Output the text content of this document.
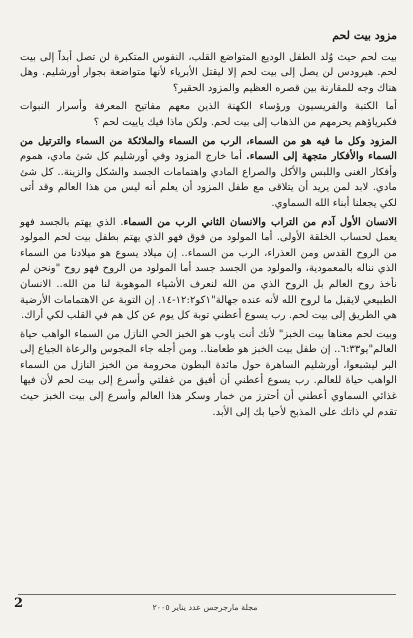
مزود بيت لحم

بيت لحم حيث وُلد الطفل الوديع المتواضع القلب، النفوس المتكبرة لن تصل أبداً إلى بيت لحم. هيرودس لن يصل إلى بيت لحم إلا ليقتل الأبرياء لأنها متواضعة بجوار أورشليم. وهل هناك وجه للمقارنة بين قصره العظيم والمزود الحقير؟

أما الكتبة والفريسيون ورؤساء الكهنة الذين معهم مفاتيح المعرفة وأسرار النبوات فكبرياؤهم يحرمهم من الذهاب إلى بيت لحم. ولكن ماذا فيك ياييت لحم ؟

المزود وكل ما فيه هو من السماء، الرب من السماء والملائكة من السماء والترتيل من السماء والأفكار متجهة إلى السماء. أما خارج المزود وفي أورشليم كل شئ مادي، هموم وأفكار الغنى واللبس والأكل والصراع المادي واهتمامات الجسد والشكل والزينة.. كل شئ مادي. لابد لمن يريد أن يتلاقى مع طفل المزود أن يعلم أنه ليس من هذا العالم وقد أتى لكي يجعلنا أبناء الله السماوي.

الانسان الأول آدم من التراب والانسان الثاني الرب من السماء. الذي يهتم بالجسد فهو يعمل لحساب الخلقة الأولى. أما المولود من فوق فهو الذي يهتم بطفل بيت لحم المولود من الروح القدس ومن العذراء، الرب من السماء.. إن ميلاد يسوع هو ميلادنا من السماء الذي نناله بالمعمودية، والمولود من الجسد جسد أما المولود من الروح فهو روح "ونحن لم نأخذ روح العالم بل الروح الذي من الله لنعرف الأشياء الموهوبة لنا من الله.. الانسان الطبيعي لايقبل ما لروح الله لأنه عنده جهالة"١كو١٢:٢-١٤. إن التوبة عن الاهتمامات الأرضية هي الطريق إلى بيت لحم. رب يسوع أعطني توبة كل يوم عن كل هم في القلب لكي أراك.

وبيت لحم معناها بيت الخبز" لأنك أنت ياوب هو الخبز الحي النازل من السماء الواهب حياة العالم"يو٦:٣٣.. إن طفل بيت الخبز هو طعامنا.. ومن أجله جاء المجوس والرعاة الجياع إلى البر ليشبعوا، أورشليم الساهرة حول مائدة البطون محرومة من الخبز النازل من السماء الواهب حياة للعالم. رب يسوع أعطني أن أفيق من غفلتي وأسرع إلى بيت لحم لأن فيها غذائي السماوي أعطني أن أحترز من خمار وسكر هذا العالم وأسرع إلى بيت الخبز حيث تقدم لي ذاتك على المذبح لأحيا بك إلى الأبد.

2	مجلة مارجرجس عدد يناير ٢٠٠٥
